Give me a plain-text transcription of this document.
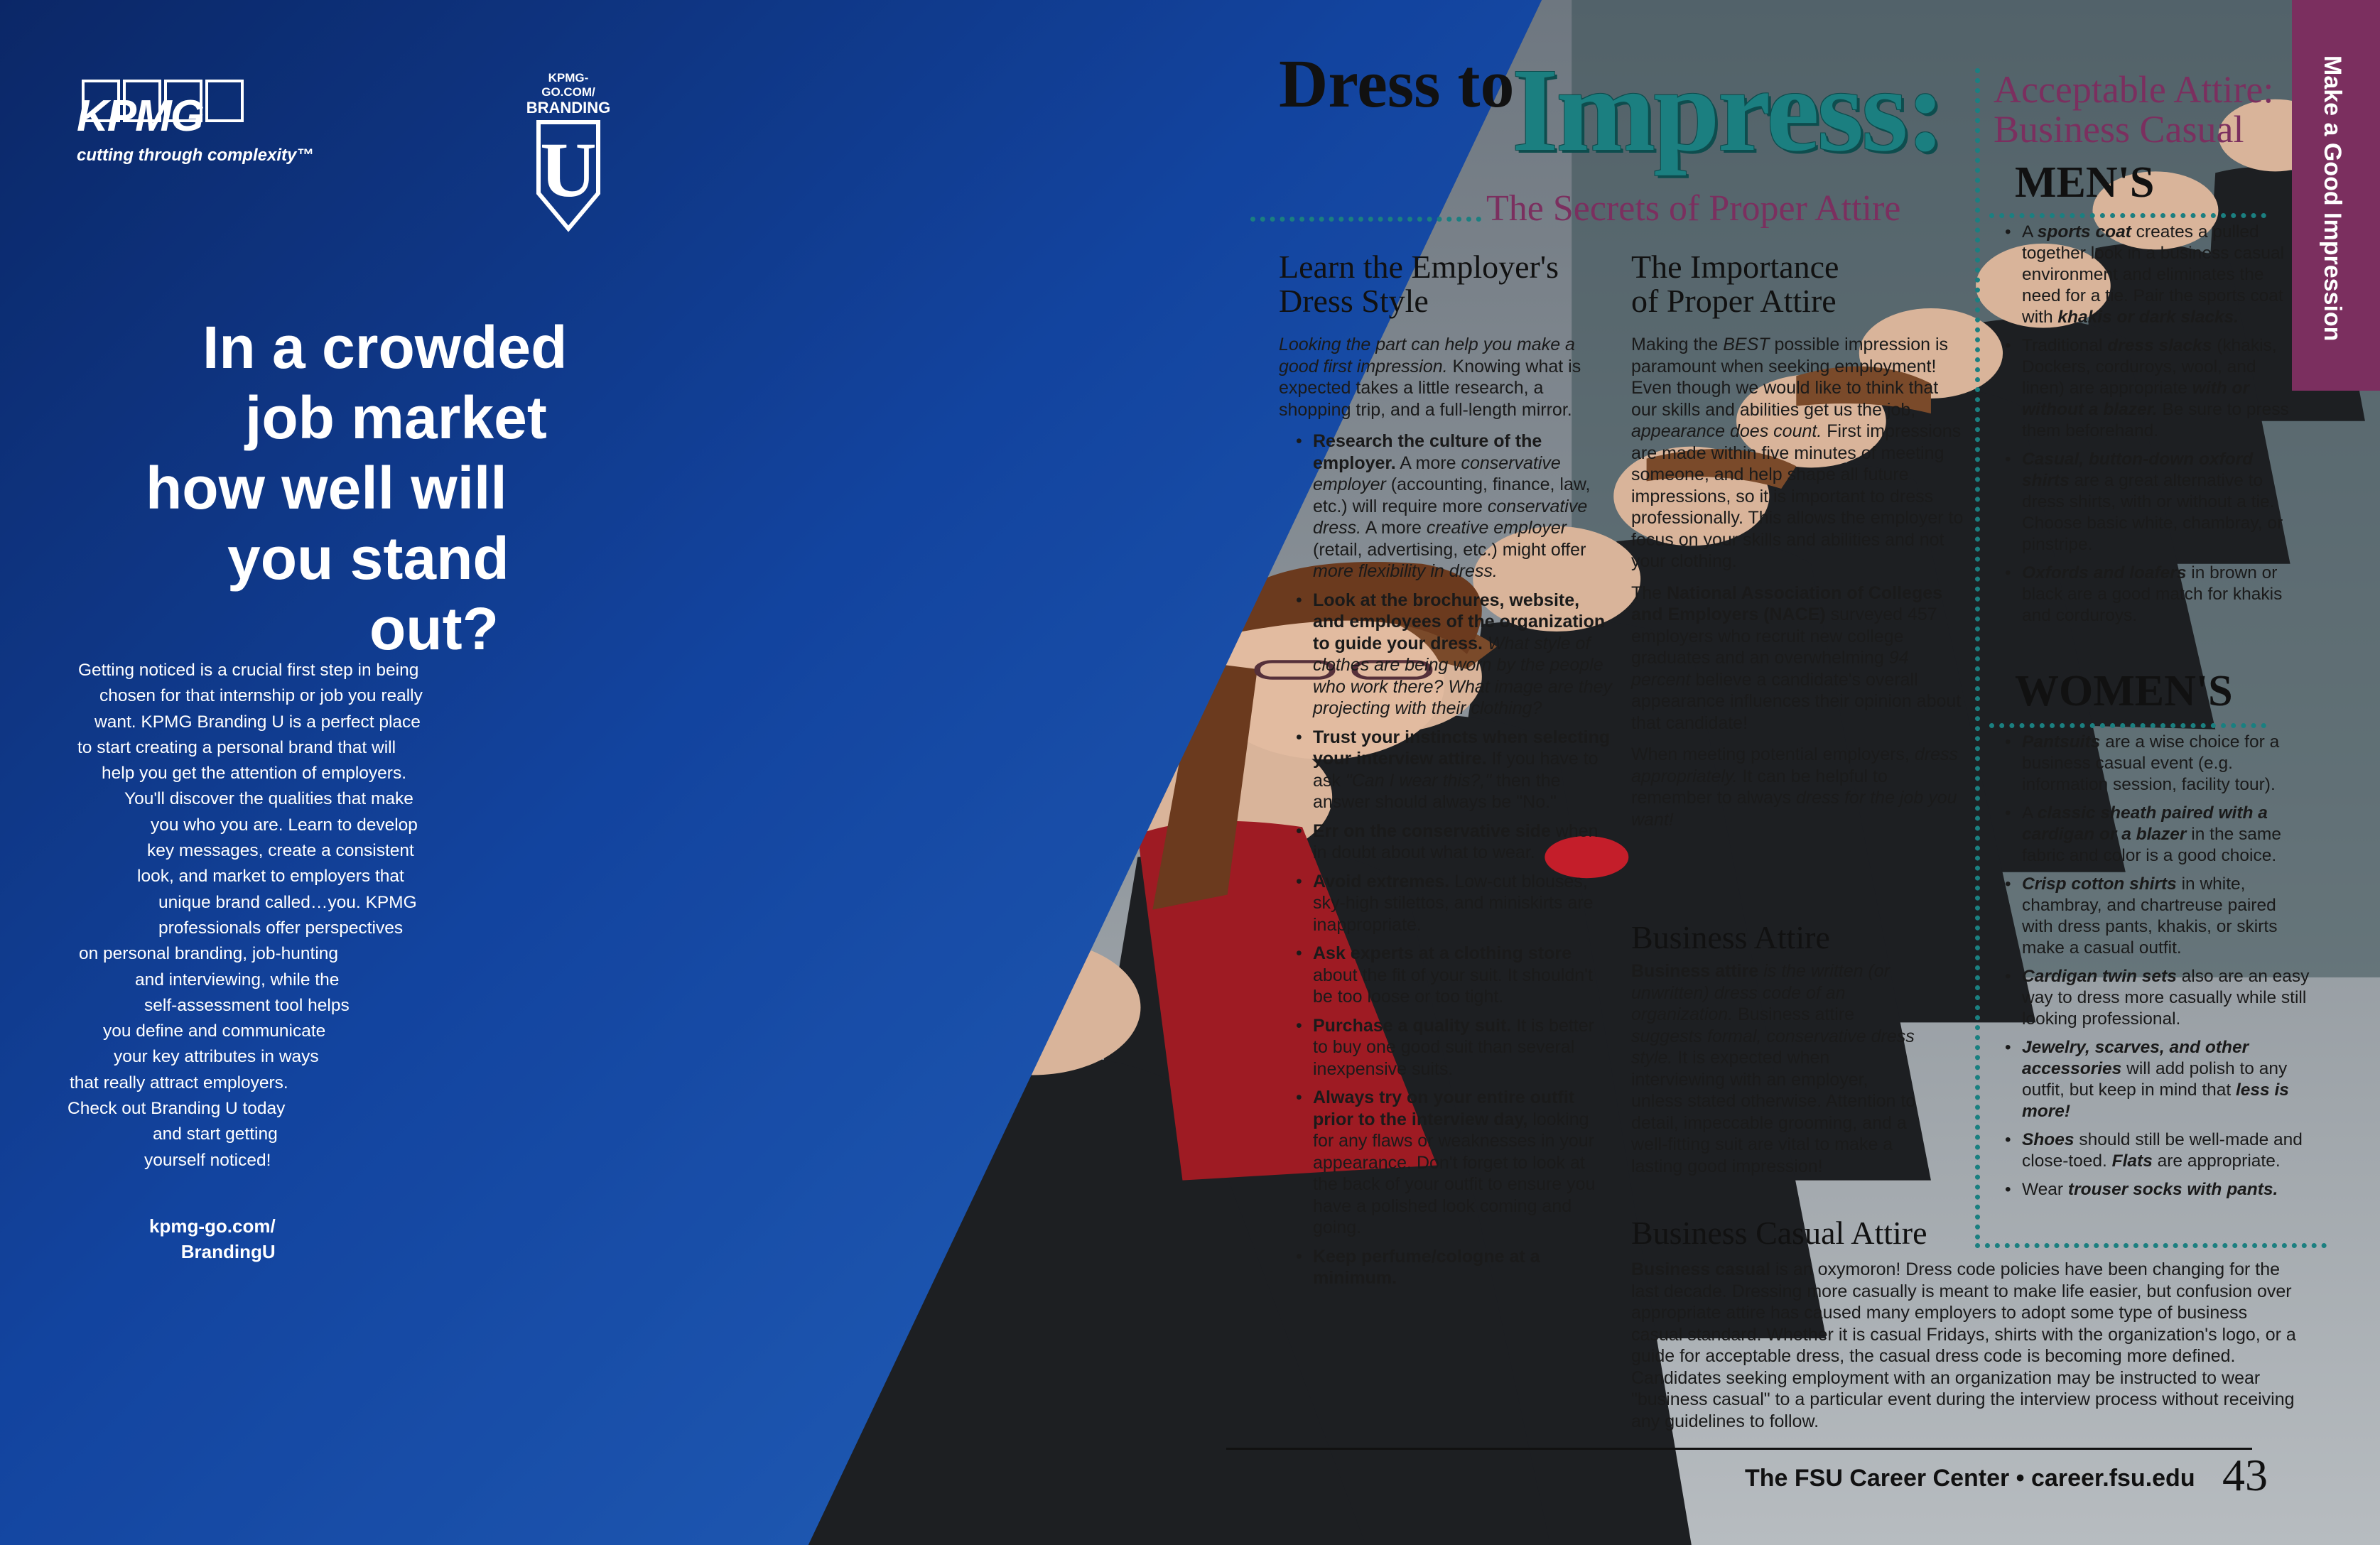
KPMG
cutting through complexity™
KPMG-GO.COM/
BRANDING
U
In a crowded
job market
how well will
you stand
out?
Getting noticed is a crucial first step in being
chosen for that internship or job you really
want. KPMG Branding U is a perfect place
to start creating a personal brand that will
help you get the attention of employers.
You'll discover the qualities that make
you who you are. Learn to develop
key messages, create a consistent
look, and market to employers that
unique brand called…you. KPMG
professionals offer perspectives
on personal branding, job-hunting
and interviewing, while the
self-assessment tool helps
you define and communicate
your key attributes in ways
that really attract employers.
Check out Branding U today
and start getting
yourself noticed!
kpmg-go.com/
BrandingU
Dress to
Impress:
The Secrets of Proper Attire
Learn the Employer's
Dress Style

Looking the part can help you make a good first impression. Knowing what is expected takes a little research, a shopping trip, and a full-length mirror.

• Research the culture of the employer. A more conservative employer (accounting, finance, law, etc.) will require more conservative dress. A more creative employer (retail, advertising, etc.) might offer more flexibility in dress.
• Look at the brochures, website, and employees of the organization to guide your dress. What style of clothes are being worn by the people who work there? What image are they projecting with their clothing?
• Trust your instincts when selecting your interview attire. If you have to ask "Can I wear this?," then the answer should always be "No."
• Err on the conservative side when in doubt about what to wear.
• Avoid extremes. Low-cut blouses, sky-high stilettos, and miniskirts are inappropriate.
• Ask experts at a clothing store about the fit of your suit. It shouldn't be too loose or too tight.
• Purchase a quality suit. It is better to buy one good suit than several inexpensive suits.
• Always try on your entire outfit prior to the interview day, looking for any flaws or weaknesses in your appearance. Don't forget to look at the back of your outfit to ensure you have a polished look coming and going.
• Keep perfume/cologne at a minimum.
The Importance
of Proper Attire

Making the BEST possible impression is paramount when seeking employment! Even though we would like to think that our skills and abilities get us the job, appearance does count. First impressions are made within five minutes of meeting someone, and help shape all future impressions, so it is important to dress professionally. This allows the employer to focus on your skills and abilities and not your clothing.

The National Association of Colleges and Employers (NACE) surveyed 457 employers who recruit new college graduates and an overwhelming 94 percent believe a candidate's overall appearance influences their opinion about that candidate!

When meeting potential employers, dress appropriately. It can be helpful to remember to always dress for the job you want!

Business Attire

Business attire is the written (or unwritten) dress code of an organization. Business attire suggests formal, conservative dress style. It is expected when interviewing with an employer, unless stated otherwise. Attention to detail, impeccable grooming, and a well-fitting suit are vital to make a lasting good impression!

Business Casual Attire

Business casual is an oxymoron! Dress code policies have been changing for the last decade. Dressing more casually is meant to make life easier, but confusion over appropriate attire has caused many employers to adopt some type of business casual standard. Whether it is casual Fridays, shirts with the organization's logo, or a guide for acceptable dress, the casual dress code is becoming more defined. Candidates seeking employment with an organization may be instructed to wear "business casual" to a particular event during the interview process without receiving any guidelines to follow.

Acceptable Attire:
Business Casual
MEN'S
• A sports coat creates a pulled together look in a business casual environment and eliminates the need for a tie. Pair the sports coat with khakis or dark slacks.
• Traditional dress slacks (khakis, Dockers, corduroys, wool, and linen) are appropriate with or without a blazer. Be sure to press them beforehand.
• Casual, button-down oxford shirts are a great alternative to dress shirts, with or without a tie. Choose basic white, chambray, or pinstripe.
• Oxfords and loafers in brown or black are a good match for khakis and corduroys.
WOMEN'S
• Pantsuits are a wise choice for a business casual event (e.g. information session, facility tour).
• A classic sheath paired with a cardigan or a blazer in the same fabric and color is a good choice.
• Crisp cotton shirts in white, chambray, and chartreuse paired with dress pants, khakis, or skirts make a casual outfit.
• Cardigan twin sets also are an easy way to dress more casually while still looking professional.
• Jewelry, scarves, and other accessories will add polish to any outfit, but keep in mind that less is more!
• Shoes should still be well-made and close-toed. Flats are appropriate.
• Wear trouser socks with pants.
Make a Good Impression
The FSU Career Center • career.fsu.edu 43
